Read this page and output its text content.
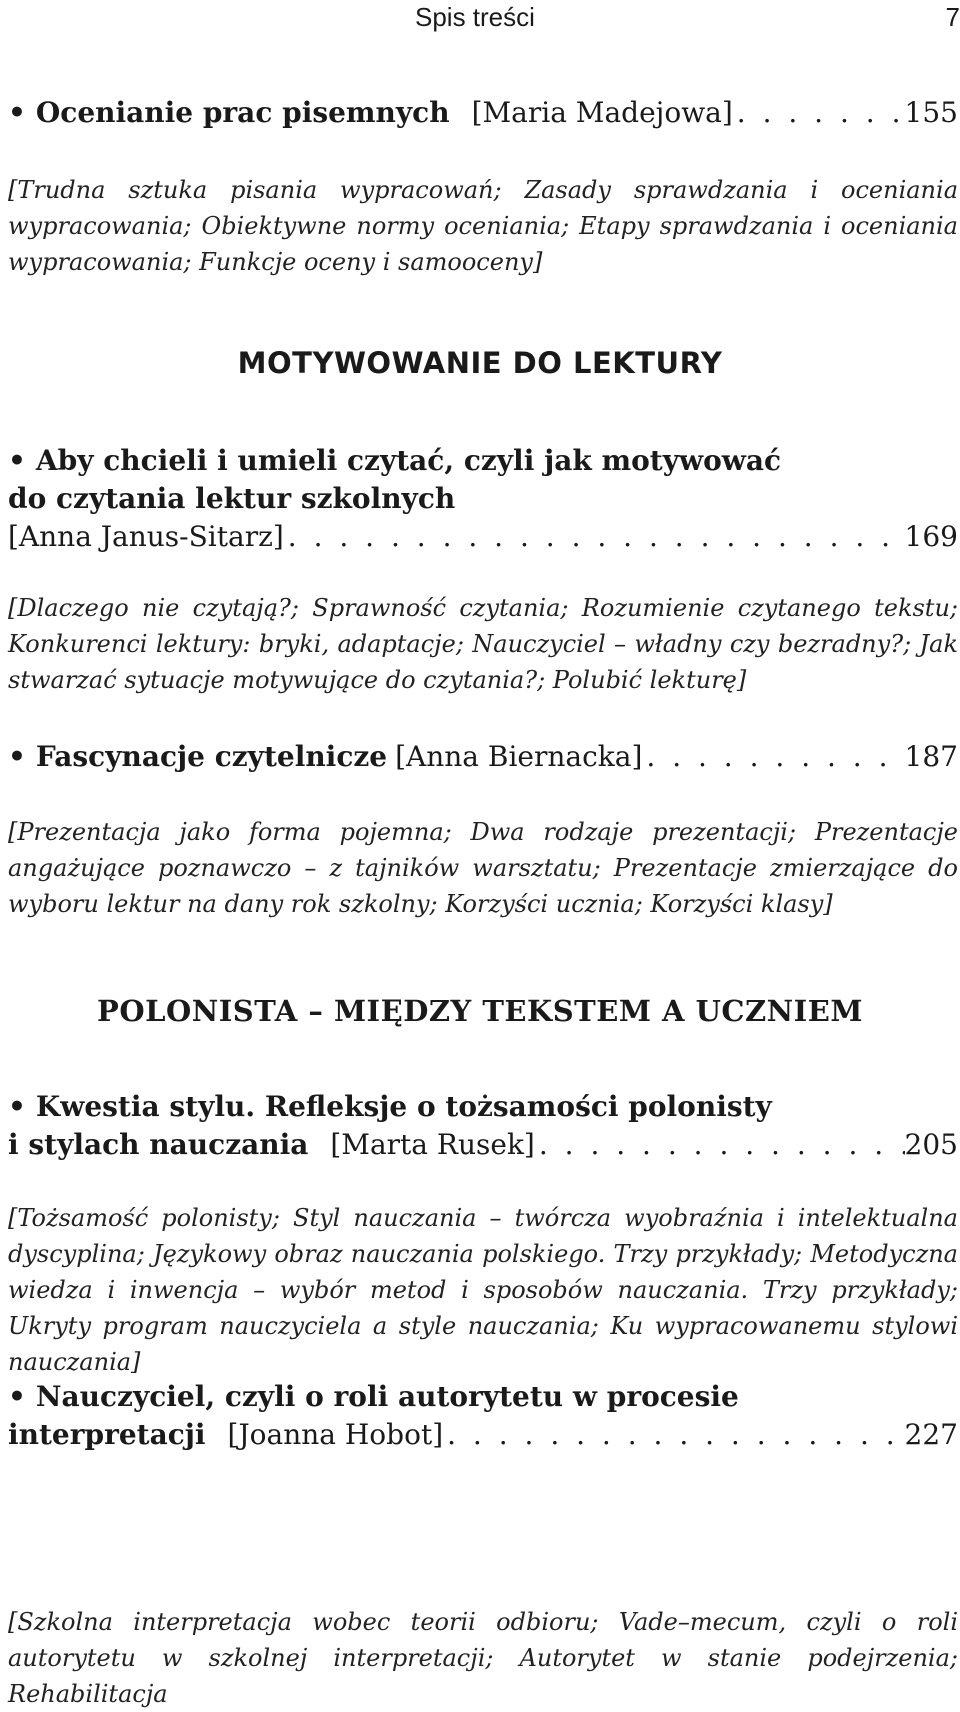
Spis treści	7
• Ocenianie prac pisemnych [Maria Madejowa] . . .	155
[Trudna sztuka pisania wypracowań; Zasady sprawdzania i oceniania wypracowania; Obiektywne normy oceniania; Etapy sprawdzania i oceniania wypracowania; Funkcje oceny i samooceny]
MOTYWOWANIE DO LEKTURY
• Aby chcieli i umieli czytać, czyli jak motywować
do czytania lektur szkolnych
[Anna Janus-Sitarz] . . .	169
[Dlaczego nie czytają?; Sprawność czytania; Rozumienie czytanego tekstu; Konkurenci lektury: bryki, adaptacje; Nauczyciel – władny czy bezradny?; Jak stwarzać sytuacje motywujące do czytania?; Polubić lekturę]
• Fascynacje czytelnicze [Anna Biernacka] . . .	187
[Prezentacja jako forma pojemna; Dwa rodzaje prezentacji; Prezentacje angażujące poznawczo – z tajników warsztatu; Prezentacje zmierzające do wyboru lektur na dany rok szkolny; Korzyści ucznia; Korzyści klasy]
POLONISTA – MIĘDZY TEKSTEM A UCZNIEM
• Kwestia stylu. Refleksje o tożsamości polonisty
i stylach nauczania [Marta Rusek] . . .	205
[Tożsamość polonisty; Styl nauczania – twórcza wyobraźnia i intelektualna dyscyplina; Językowy obraz nauczania polskiego. Trzy przykłady; Metodyczna wiedza i inwencja – wybór metod i sposobów nauczania. Trzy przykłady; Ukryty program nauczyciela a style nauczania; Ku wypracowanemu stylowi nauczania]
• Nauczyciel, czyli o roli autorytetu w procesie
interpretacji [Joanna Hobot] . . .	227
[Szkolna interpretacja wobec teorii odbioru; Vade–mecum, czyli o roli autorytetu w szkolnej interpretacji; Autorytet w stanie podejrzenia; Rehabilitacja
